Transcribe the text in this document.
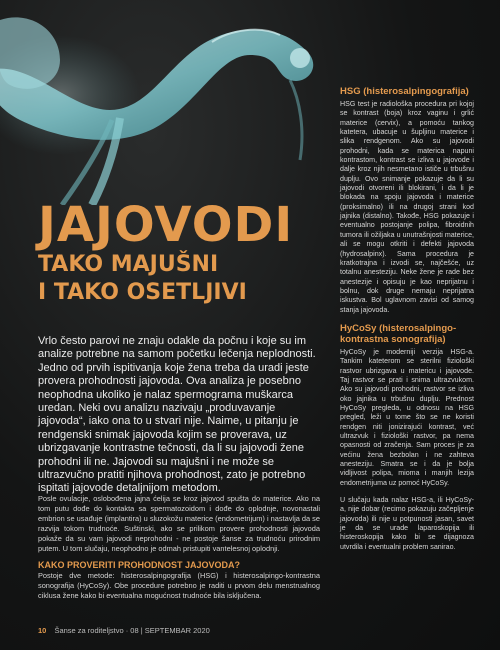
JAJOVODI
TAKO MAJUŠNI
I TAKO OSETLJIVI

Vrlo često parovi ne znaju odakle da počnu i koje su im analize potrebne na samom početku lečenja neplodnosti. Jedno od prvih ispitivanja koje žena treba da uradi jeste provera prohodnosti jajovoda. Ova analiza je posebno neophodna ukoliko je nalaz spermograma muškarca uredan. Neki ovu analizu nazivaju „produvavanje jajovoda“, iako ona to u stvari nije. Naime, u pitanju je rendgenski snimak jajovoda kojim se proverava, uz ubrizgavanje kontrastne tečnosti, da li su jajovodi žene prohodni ili ne. Jajovodi su majušni i ne može se ultrazvučno pratiti njihova prohodnost, zato je potrebno ispitati jajovode detaljnijom metodom.

Posle ovulacije, oslobođena jajna ćelija se kroz jajovod spušta do materice. Ako na tom putu dođe do kontakta sa spermatozoidom i dođe do oplodnje, novonastali embrion se usađuje (implantira) u sluzokožu materice (endometrijum) i nastavlja da se razvija tokom trudnoće. Suštinski, ako se prilikom provere prohodnosti jajovoda pokaže da su vam jajovodi neprohodni - ne postoje šanse za trudnoću prirodnim putem. U tom slučaju, neophodno je odmah pristupiti vantelesnoj oplodnji.

KAKO PROVERITI PROHODNOST JAJOVODA?

Postoje dve metode: histerosalpingografija (HSG) i histerosalpingo-kontrastna sonografija (HyCoSy). Obe procedure potrebno je raditi u prvom delu menstrualnog ciklusa žene kako bi eventualna mogućnost trudnoće bila isključena.

HSG (histerosalpingografija)

HSG test je radiološka procedura pri kojoj se kontrast (boja) kroz vaginu i grlić materice (cervix), a pomoću tankog katetera, ubacuje u šupljinu materice i slika rendgenom. Ako su jajovodi prohodni, kada se materica napuni kontrastom, kontrast se izliva u jajovode i dalje kroz njih nesmetano ističe u trbušnu duplju. Ovo snimanje pokazuje da li su jajovodi otvoreni ili blokirani, i da li je blokada na spoju jajovoda i materice (proksimalno) ili na drugoj strani kod jajnika (distalno). Takođe, HSG pokazuje i eventualno postojanje polipa, fibroidnih tumora ili ožiljaka u unutrašnjosti materice, ali se mogu otkriti i defekti jajovoda (hydrosalpinx). Sama procedura je kratkotrajna i izvodi se, najčešće, uz totalnu anesteziju. Neke žene je rade bez anestezije i opisuju je kao neprijatnu i bolnu, dok druge nemaju neprijatna iskustva. Bol uglavnom zavisi od samog stanja jajovoda.

HyCoSy (histerosalpingo-kontrastna sonografija)

HyCoSy je moderniji verzija HSG-a. Tankim kateterom se sterilni fiziološki rastvor ubrizgava u matericu i jajovode. Taj rastvor se prati i snima ultrazvukom. Ako su jajovodi prohodni, rastvor se izliva oko jajnika u trbušnu duplju. Prednost HyCoSy pregleda, u odnosu na HSG pregled, leži u tome što se ne koristi rendgen niti jonizirajući kontrast, već ultrazvuk i fiziološki rastvor, pa nema opasnosti od zračenja. Sam proces je za većinu žena bezbolan i ne zahteva anesteziju. Smatra se i da je bolja vidljivost polipa, mioma i manjih lezija endometrijuma uz pomoć HyCoSy.

U slučaju kada nalaz HSG-a, ili HyCoSy-a, nije dobar (recimo pokazuju začepljenje jajovoda) ili nije u potpunosti jasan, savet je da se urade laparoskopija ili histeroskopija kako bi se dijagnoza utvrdila i eventualni problem sanirao.

10 Šanse za roditeljstvo · 08 | SEPTEMBAR 2020
